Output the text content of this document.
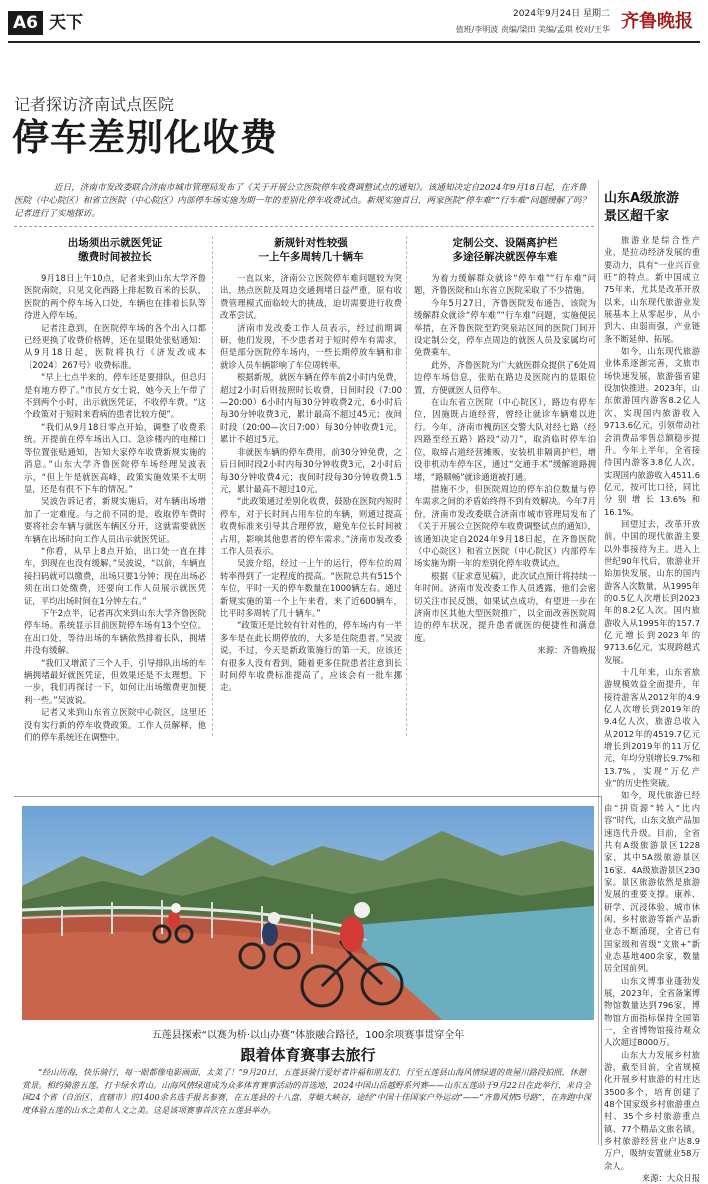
A6 天下	2024年9月24日 星期二
值班/李明波 责编/梁田 美编/孟琪 校对/王华 齐鲁晚报
记者探访济南试点医院
停车差别化收费
近日，济南市发改委联合济南市城市管理局发布了《关于开展公立医院停车收费调整试点的通知》。该通知决定自2024年9月18日起，在齐鲁医院（中心院区）和省立医院（中心院区）内部停车场实施为期一年的差别化停车收费试点。新规实施首日，两家医院“停车难”“行车难”问题缓解了吗？记者进行了实地探访。
出场须出示就医凭证
缴费时间被拉长

9月18日上午10点，记者来到山东大学齐鲁医院南院，只见文化西路上排起数百米的长队，医院的两个停车场入口处，车辆也在排着长队等待进入停车场。

记者注意到，在医院停车场的各个出入口都已经更换了收费价格牌，还在显眼处张贴通知：从9月18日起，医院将执行《济发改成本〔2024〕267号》收费标准。

“早上七点半来的，停车还是要排队，但总归是有地方停了。”市民方女士说，她今天上午带了不到两个小时，出示就医凭证，不收停车费。“这个政策对于短时来看病的患者比较方便”。

“我们从9月18日零点开始，调整了收费系统。开提前在停车场出入口、急诊楼内的电梯口等位置张贴通知，告知大家停车收费新规实施的消息。”山东大学齐鲁医院停车场经理吴波表示，“但上午是就医高峰，政策实施效果不太明显，还是有很不下车的情况。”

吴波告诉记者，新规实施后，对车辆出场增加了一定难度。与之前不同的是，收取停车费时要将社会车辆与就医车辆区分开，这就需要就医车辆在出场时向工作人员出示就医凭证。

“你看，从早上8点开始，出口处一直在排车，到现在也没有缓解。”吴波说，“以前，车辆直接扫码就可以缴费，出场只要1分钟；现在出场必须在出口处缴费，还要向工作人员展示就医凭证，平均出场时间在1分钟左右。”

下午2点半，记者再次来到山东大学齐鲁医院停车场。系统显示目前医院停车场有13个空位。在出口处，等待出场的车辆依然排着长队，拥堵并没有缓解。

“我们又增派了三个人手，引导排队出场的车辆拥堵最好就医凭证，但效果还是不太理想。下一步，我们再探讨一下，如何让出场缴费更加便利一些。”吴波说。

记者又来到山东省立医院中心院区，这里还没有实行新的停车收费政策。工作人员解释，他们的停车系统还在调整中。

新规针对性较强
一上午多周转几十辆车

一直以来，济南公立医院停车难问题较为突出，热点医院及周边交通拥堵日益严重，原有收费管理模式面临较大的挑战，迫切需要进行收费改革尝试。

济南市发改委工作人员表示，经过前期调研，他们发现，不少患者对于短时停车有需求，但是部分医院停车场内，一些长期停放车辆和非就诊人员车辆影响了车位周转率。

根据新规，就医车辆在停车前2小时内免费，超过2小时后则按照时长收费，日间时段（7:00—20:00）6小时内每30分钟收费2元，6小时后每30分钟收费3元，累计最高不超过45元；夜间时段（20:00—次日7:00）每30分钟收费1元，累计不超过5元。

非就医车辆的停车费用，前30分钟免费，之后日间时段2小时内每30分钟收费3元，2小时后每30分钟收费4元；夜间时段每30分钟收费1.5元，累计最高不超过10元。

“此政策通过差别化收费，鼓励在医院内短时停车，对于长时间占用车位的车辆，则通过提高收费标准来引导其合理停放，避免车位长时间被占用，影响其他患者的停车需求。”济南市发改委工作人员表示。

吴波介绍，经过一上午的运行，停车位的周转率得到了一定程度的提高。“医院总共有515个车位，平时一天的停车数量在1000辆左右。通过新规实施的第一个上午来看，来了近600辆车，比平时多周转了几十辆车。”

“政策还是比较有针对性的，停车场内有一半多车是在此长期停放的，大多是住院患者。”吴波说，不过，今天是新政策施行的第一天，应该还有很多人没有看到，随着更多住院患者注意到长时间停车收费标准提高了，应该会有一批车挪走。

定制公交、设隔离护栏
多途径解决就医停车难

为着力缓解群众就诊“停车难”“行车难”问题，齐鲁医院和山东省立医院采取了不少措施。

今年5月27日，齐鲁医院发布通告，该院为缓解群众就诊“停车难”“行车难”问题，实施便民举措，在齐鲁医院至趵突泉站区间的医院门间开设定制公交，停车点周边的就医人员及家属均可免费乘车。

此外，齐鲁医院为广大就医群众提供了6处周边停车场信息，张贴在路边及医院内的显眼位置，方便就医人员停车。

在山东省立医院（中心院区），路边有停车位，因施既占道经营，曾经让就诊车辆难以进行。今年，济南市槐荫区交警大队对经七路（经四路至经五路）路段“动刀”，取消临时停车泊位，取缔占道经营摊贩，安装机非隔离护栏，增设非机动车停车区，通过“交通手术”缓解道路拥堵，“路顺畅”就诊通道被打通。

措施不少，但医院周边的停车泊位数量与停车需求之间的矛盾始终得不到有效解决。今年7月份，济南市发改委联合济南市城市管理局发布了《关于开展公立医院停车收费调整试点的通知》，该通知决定自2024年9月18日起，在齐鲁医院（中心院区）和省立医院（中心院区）内部停车场实施为期一年的差别化停车收费试点。

根据《征求意见稿》，此次试点预计将持续一年时间。济南市发改委工作人员透露，他们会密切关注市民反馈，如果试点成功，有望进一步在济南市区其他大型医院推广，以全面改善医院周边的停车状况，提升患者就医的便捷性和满意度。

来源：齐鲁晚报
山东A级旅游
景区超千家

旅游业是综合性产业，是拉动经济发展的重要动力，具有“一业兴百业旺”的特点。新中国成立75年来，尤其是改革开放以来，山东现代旅游业发展基本上从零起步，从小到大、由弱而强，产业链条不断延伸、拓展。

如今，山东现代旅游业体系逐渐完善，文旅市场快速发展，旅游强省建设加快推进。2023年，山东旅游国内游客8.2亿人次，实现国内旅游收入9713.6亿元，引领带动社会消费品零售总额稳步提升。今年上半年，全省接待国内游客3.8亿人次，实现国内旅游收入4511.6亿元，按可比口径，同比分别增长13.6%和16.1%。

回望过去，改革开放前，中国的现代旅游主要以外事接待为主。进入上世纪90年代后，旅游业开始加快发展，山东的国内游客人次数量，从1995年的0.5亿人次增长到2023年的8.2亿人次。国内旅游收入从1995年的157.7亿元增长到2023年的9713.6亿元，实现跨越式发展。

十几年来，山东省旅游规模效益全面提升，年接待游客从2012年的4.9亿人次增长到2019年的9.4亿人次，旅游总收入从2012年的4519.7亿元增长到2019年的11万亿元，年均分别增长9.7%和13.7%，实现“万亿产业”的历史性突破。

如今，现代旅游已经由“拼资源”转入“比内容”时代，山东文旅产品加速迭代升级。目前，全省共有A级旅游景区1228家，其中5A级旅游景区16家、4A级旅游景区230家。景区旅游依然是旅游发展的重要支撑。康养、研学、沉浸体验、城市休闲、乡村旅游等新产品新业态不断涌现，全省已有国家级和省级“文旅+”新业态基地400余家，数量居全国前列。

山东文博事业蓬勃发展，2023年，全省备案博物馆数量达到796家，博物馆方面指标保持全国第一，全省博物馆接待观众人次超过8000万。

山东大力发展乡村旅游，截至目前，全省规模化开展乡村旅游的村庄达3500多个，培育创建了48个国家级乡村旅游重点村、35个乡村旅游重点镇、77个精品文旅名镇，乡村旅游经营业户达8.9万户，吸纳安置就业58万余人。

来源：大众日报
五莲县探索“以赛为桥·以山办赛”体旅融合路径，100余项赛事贯穿全年
跟着体育赛事去旅行
“经山历海，快乐骑行，每一眼都像电影画面，太美了！”9月20日，五莲县骑行爱好者许福和朋友们，行至五莲县山海风情绿道的贵屋川路段拍照，休憩赏景。相约骑游五莲，打卡绿水青山。山海风情绿道成为众多体育赛事活动的首选地，2024中国山岳越野系列赛——山东五莲站于9月22日在此举行，来自全国24个省（自治区、直辖市）的1400余名选手报名参赛，在五莲县的十八盘、芽蜓大峡谷，途经“中国十佳国家户外运动”——“齐鲁风情5号路”，在奔跑中深度体验五莲的山水之美和人文之美。这是该项赛事首次在五莲县举办。
